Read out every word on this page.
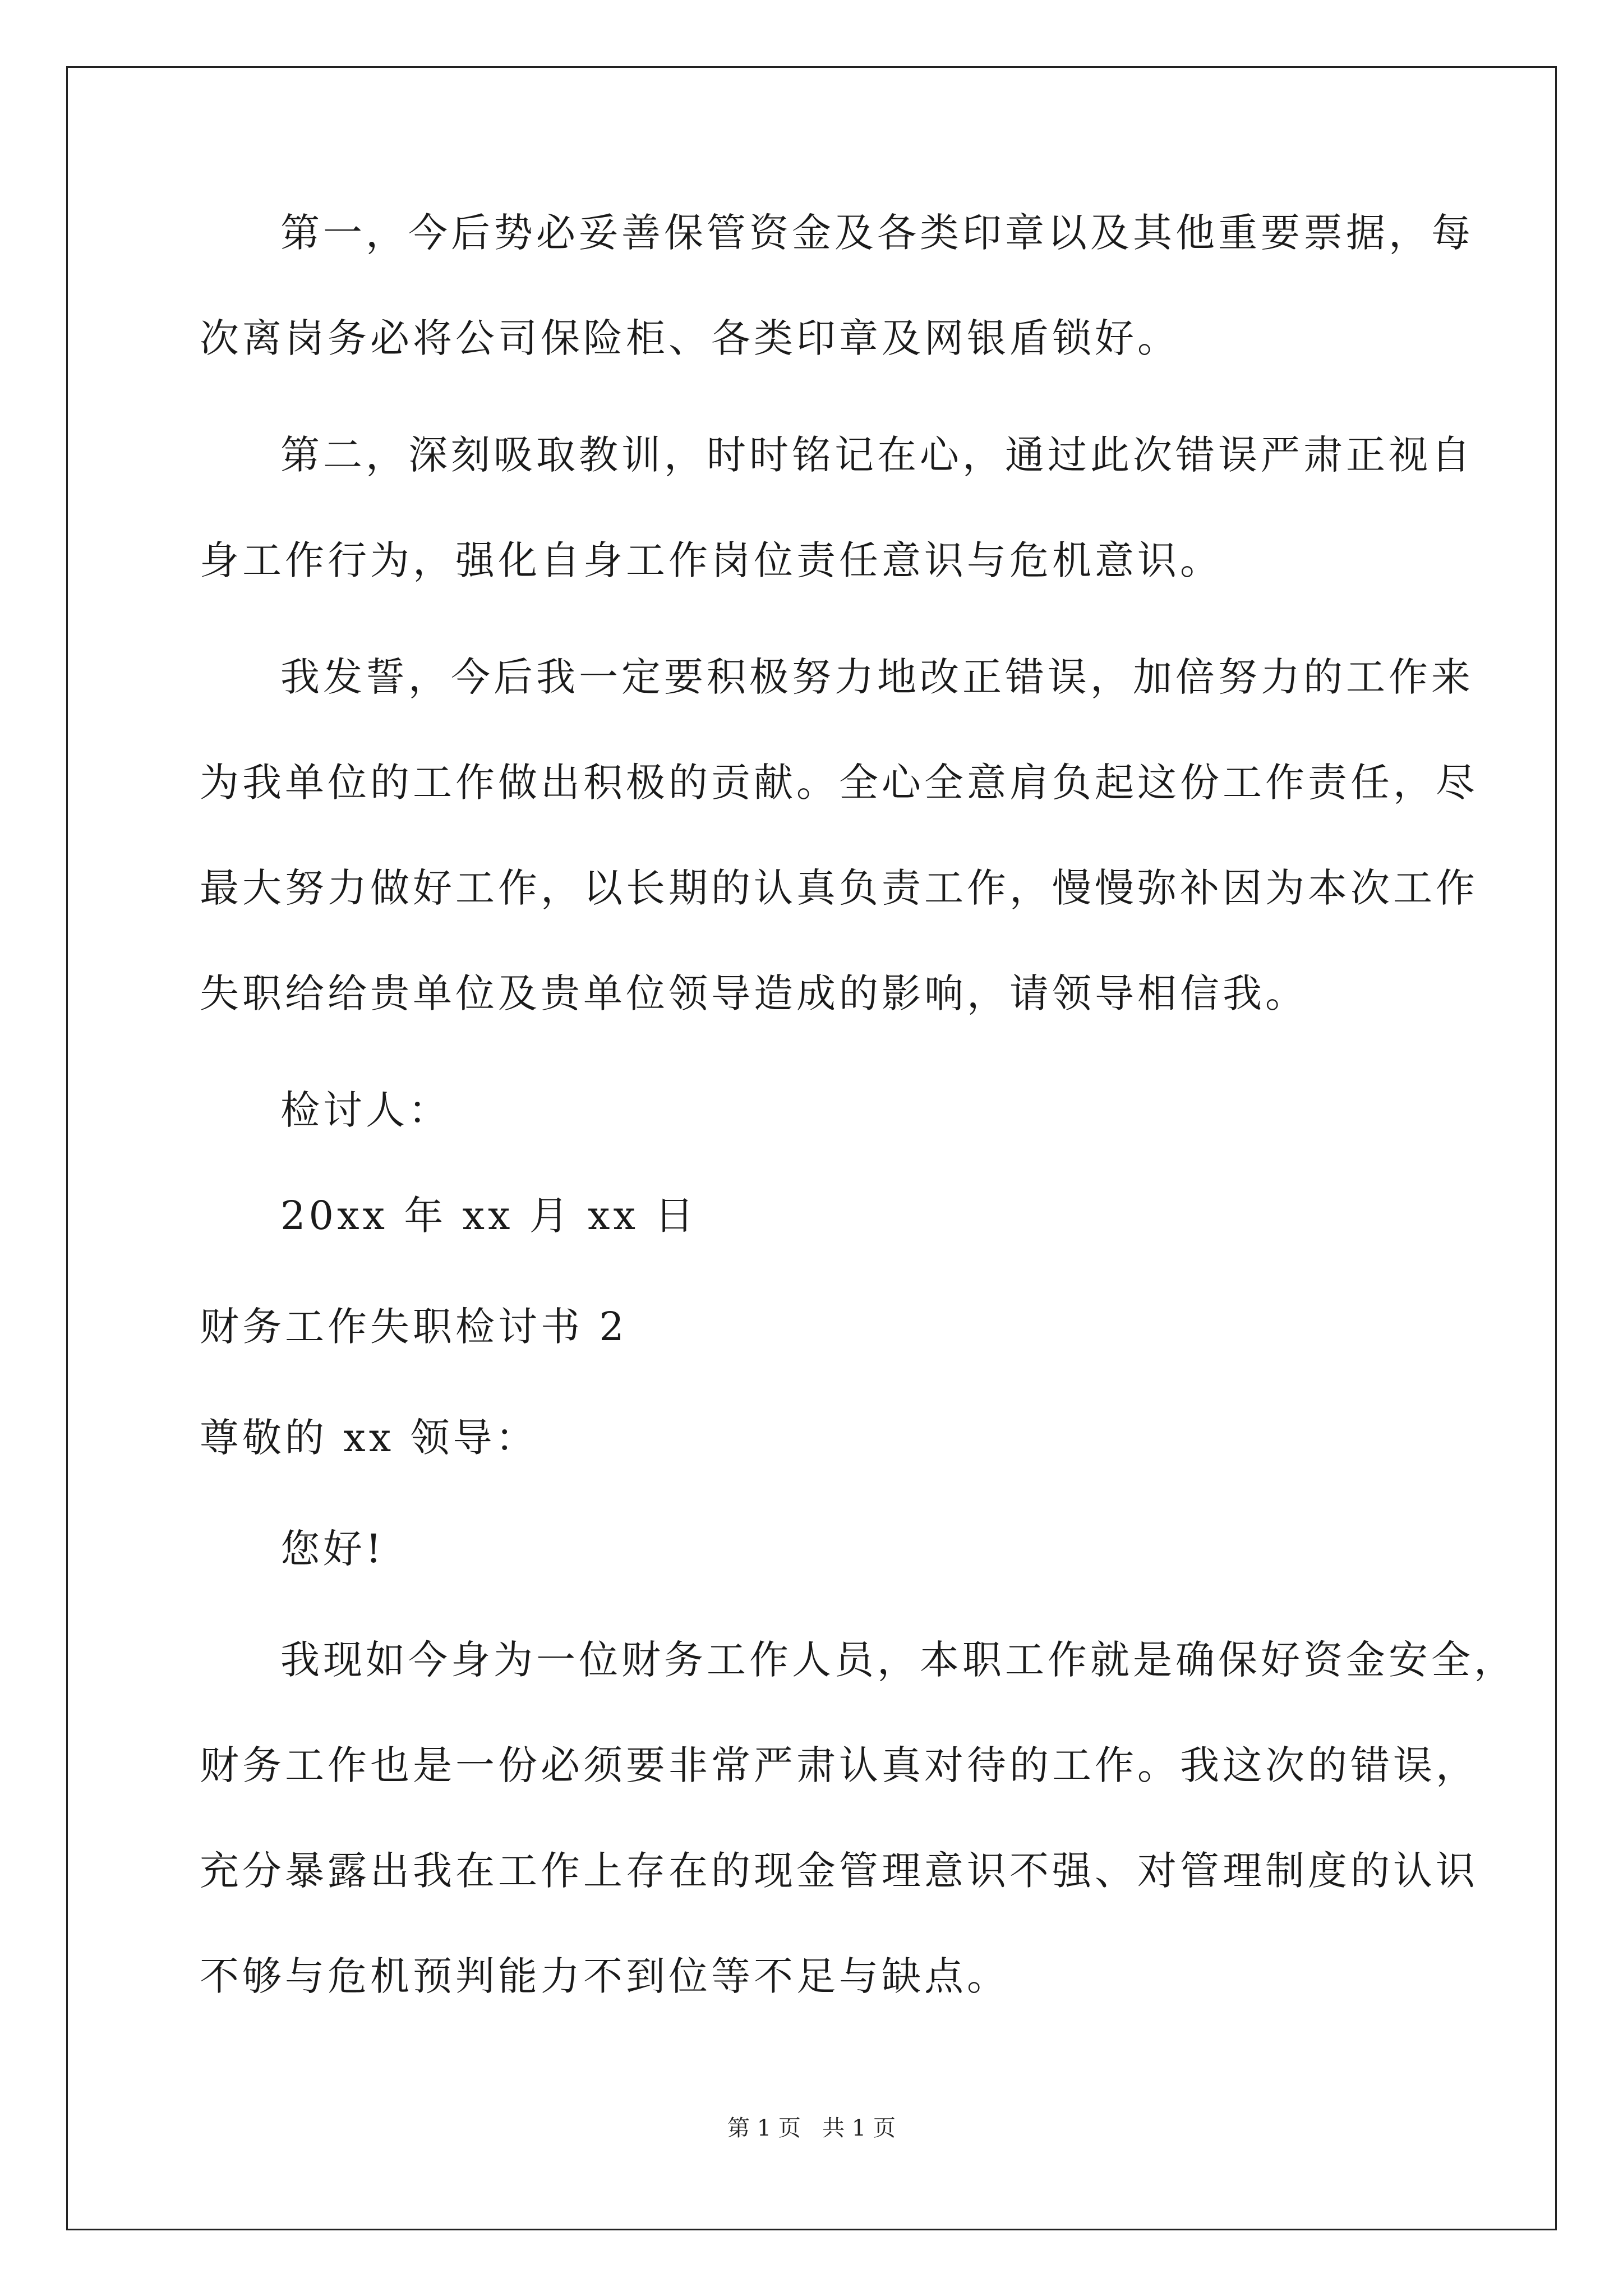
第一，今后势必妥善保管资金及各类印章以及其他重要票据，每
次离岗务必将公司保险柜、各类印章及网银盾锁好。
第二，深刻吸取教训，时时铭记在心，通过此次错误严肃正视自
身工作行为，强化自身工作岗位责任意识与危机意识。
我发誓，今后我一定要积极努力地改正错误，加倍努力的工作来
为我单位的工作做出积极的贡献。全心全意肩负起这份工作责任，尽
最大努力做好工作，以长期的认真负责工作，慢慢弥补因为本次工作
失职给给贵单位及贵单位领导造成的影响，请领导相信我。
检讨人：
20xx 年 xx 月 xx 日
财务工作失职检讨书 2
尊敬的 xx 领导：
您好!
我现如今身为一位财务工作人员，本职工作就是确保好资金安全，
财务工作也是一份必须要非常严肃认真对待的工作。我这次的错误，
充分暴露出我在工作上存在的现金管理意识不强、对管理制度的认识
不够与危机预判能力不到位等不足与缺点。
第 1 页   共 1 页
